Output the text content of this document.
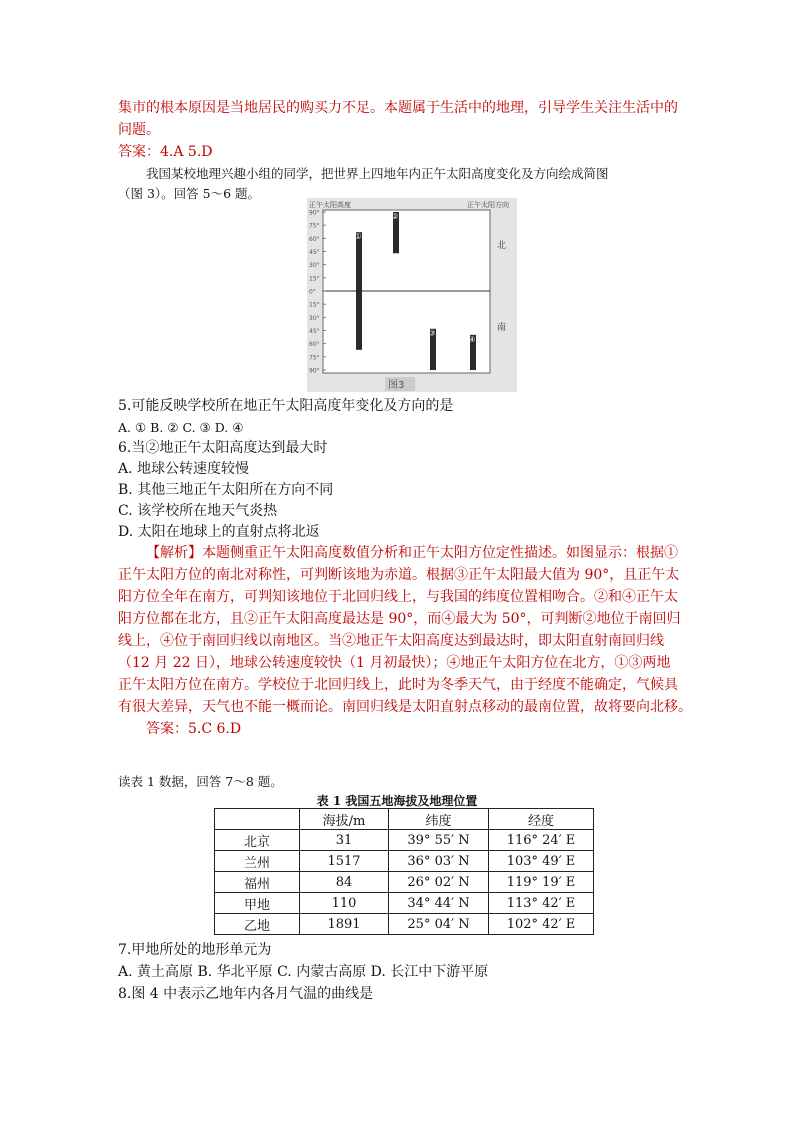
集市的根本原因是当地居民的购买力不足。本题属于生活中的地理，引导学生关注生活中的
问题。
答案：4.A 5.D
我国某校地理兴趣小组的同学，把世界上四地年内正午太阳高度变化及方向绘成简图
（图 3）。回答 5～6 题。
正午太阳高度	正午太阳方向
北
南
90°
75°
60°
45°
30°
15°
0°
15°
30°
45°
60°
75°
90°
①
②
③
④
图3
5.可能反映学校所在地正午太阳高度年变化及方向的是
A. ① B. ② C. ③ D. ④
6.当②地正午太阳高度达到最大时
A. 地球公转速度较慢
B. 其他三地正午太阳所在方向不同
C. 该学校所在地天气炎热
D. 太阳在地球上的直射点将北返
【解析】本题侧重正午太阳高度数值分析和正午太阳方位定性描述。如图显示：根据①
正午太阳方位的南北对称性，可判断该地为赤道。根据③正午太阳最大值为 90°，且正午太
阳方位全年在南方，可判知该地位于北回归线上，与我国的纬度位置相吻合。②和④正午太
阳方位都在北方，且②正午太阳高度最达是 90°，而④最大为 50°，可判断②地位于南回归
线上，④位于南回归线以南地区。当②地正午太阳高度达到最达时，即太阳直射南回归线
（12 月 22 日），地球公转速度较快（1 月初最快）；④地正午太阳方位在北方，①③两地
正午太阳方位在南方。学校位于北回归线上，此时为冬季天气，由于经度不能确定，气候具
有很大差异，天气也不能一概而论。南回归线是太阳直射点移动的最南位置，故将要向北移。
答案：5.C 6.D
读表 1 数据，回答 7～8 题。
表 1 我国五地海拔及地理位置
	海拔/m	纬度	经度
北京	31	39° 55′ N	116° 24′ E
兰州	1517	36° 03′ N	103° 49′ E
福州	84	26° 02′ N	119° 19′ E
甲地	110	34° 44′ N	113° 42′ E
乙地	1891	25° 04′ N	102° 42′ E
7.甲地所处的地形单元为
A. 黄土高原 B. 华北平原 C. 内蒙古高原 D. 长江中下游平原
8.图 4 中表示乙地年内各月气温的曲线是
